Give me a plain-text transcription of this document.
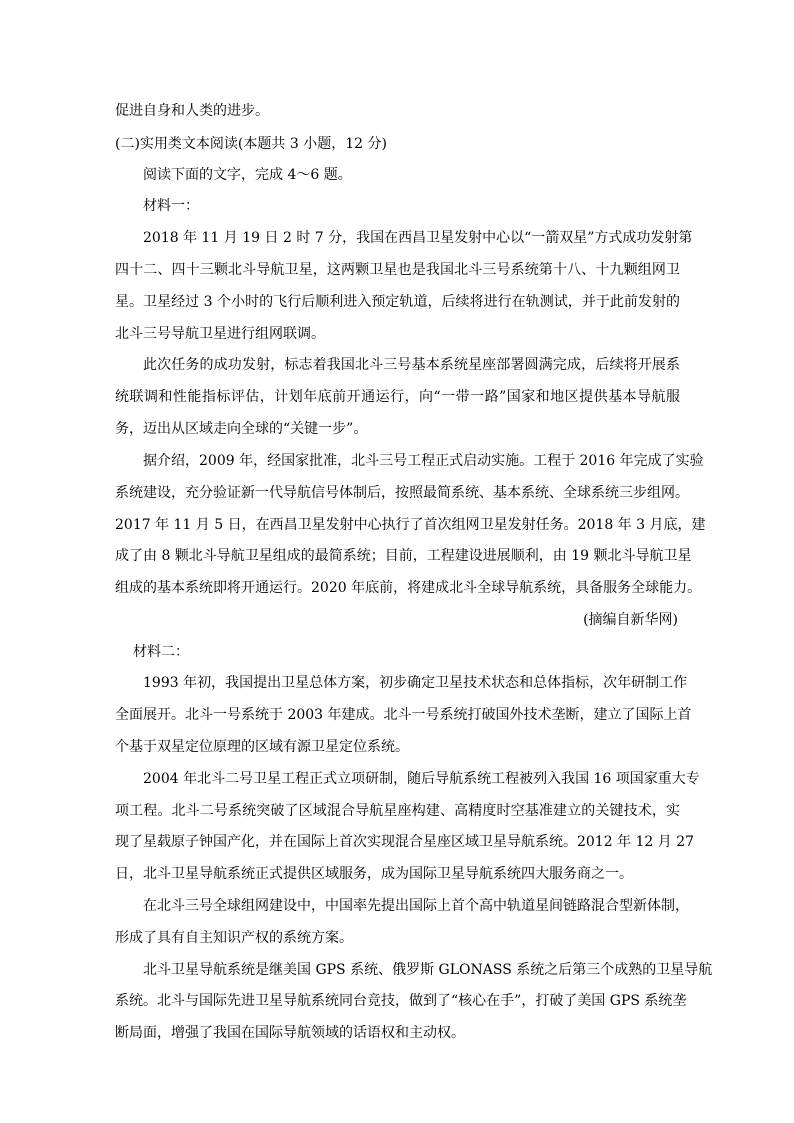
促进自身和人类的进步。
(二)实用类文本阅读(本题共 3 小题，12 分)
阅读下面的文字，完成 4～6 题。
材料一：
2018 年 11 月 19 日 2 时 7 分，我国在西昌卫星发射中心以“一箭双星”方式成功发射第
四十二、四十三颗北斗导航卫星，这两颗卫星也是我国北斗三号系统第十八、十九颗组网卫
星。卫星经过 3 个小时的飞行后顺利进入预定轨道，后续将进行在轨测试，并于此前发射的
北斗三号导航卫星进行组网联调。
此次任务的成功发射，标志着我国北斗三号基本系统星座部署圆满完成，后续将开展系
统联调和性能指标评估，计划年底前开通运行，向“一带一路”国家和地区提供基本导航服
务，迈出从区域走向全球的“关键一步”。
据介绍，2009 年，经国家批准，北斗三号工程正式启动实施。工程于 2016 年完成了实验
系统建设，充分验证新一代导航信号体制后，按照最简系统、基本系统、全球系统三步组网。
2017 年 11 月 5 日，在西昌卫星发射中心执行了首次组网卫星发射任务。2018 年 3 月底，建
成了由 8 颗北斗导航卫星组成的最简系统；目前，工程建设进展顺利，由 19 颗北斗导航卫星
组成的基本系统即将开通运行。2020 年底前，将建成北斗全球导航系统，具备服务全球能力。
(摘编自新华网)
材料二：
1993 年初，我国提出卫星总体方案，初步确定卫星技术状态和总体指标，次年研制工作
全面展开。北斗一号系统于 2003 年建成。北斗一号系统打破国外技术垄断，建立了国际上首
个基于双星定位原理的区域有源卫星定位系统。
2004 年北斗二号卫星工程正式立项研制，随后导航系统工程被列入我国 16 项国家重大专
项工程。北斗二号系统突破了区域混合导航星座构建、高精度时空基准建立的关键技术，实
现了星载原子钟国产化，并在国际上首次实现混合星座区域卫星导航系统。2012 年 12 月 27
日，北斗卫星导航系统正式提供区域服务，成为国际卫星导航系统四大服务商之一。
在北斗三号全球组网建设中，中国率先提出国际上首个高中轨道星间链路混合型新体制，
形成了具有自主知识产权的系统方案。
北斗卫星导航系统是继美国 GPS 系统、俄罗斯 GLONASS 系统之后第三个成熟的卫星导航
系统。北斗与国际先进卫星导航系统同台竞技，做到了“核心在手”，打破了美国 GPS 系统垄
断局面，增强了我国在国际导航领域的话语权和主动权。
